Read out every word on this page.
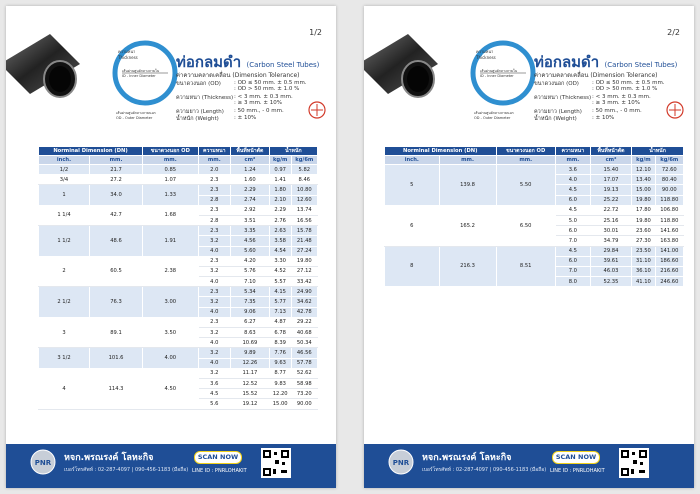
1/2
ความหนา
Thickness
เส้นผ่านศูนย์กลางภายใน
ID - Inner Diameter
เส้นผ่านศูนย์กลางภายนอก
OD - Outer Diameter
ท่อกลมดำ (Carbon Steel Tubes)
ค่าความคลาดเคลื่อน (Dimension Tolerance)
ขนาดวงนอก (OD) : OD ≤ 50 mm. ± 0.5 mm.
: OD > 50 mm. ± 1.0 %
ความหนา (Thickness): < 3 mm. ± 0.3 mm.
: ≥ 3 mm. ± 10%
ความยาว (Length) : 50 mm., - 0 mm.
น้ำหนัก (Weight)	: ± 10%
Norminal Dimension (DN)		ขนาดวงนอก OD	ความหนา	พื้นที่หน้าตัด	น้ำหนัก	
inch.	mm.	mm.	mm.	cm²	kg/m	kg/6m
1/2	21.7	0.85	2.0	1.24	0.97	5.82
3/4	27.2	1.07	2.3	1.60	1.41	8.46
1	34.0	1.33	2.3	2.29	1.80	10.80
			2.8	2.74	2.10	12.60
1 1/4	42.7	1.68	2.3	2.92	2.29	13.74
			2.8	3.51	2.76	16.56
1 1/2	48.6	1.91	2.3	3.35	2.63	15.78
			3.2	4.56	3.58	21.48
			4.0	5.60	4.54	27.24
2	60.5	2.38	2.3	4.20	3.30	19.80
			3.2	5.76	4.52	27.12
			4.0	7.10	5.57	33.42
2 1/2	76.3	3.00	2.3	5.34	4.15	24.90
			3.2	7.35	5.77	34.62
			4.0	9.06	7.13	42.78
3	89.1	3.50	2.3	6.27	4.87	29.22
			3.2	8.63	6.78	40.68
			4.0	10.69	8.39	50.34
3 1/2	101.6	4.00	3.2	9.89	7.76	46.56
			4.0	12.26	9.63	57.78
4	114.3	4.50	3.2	11.17	8.77	52.62
			3.6	12.52	9.83	58.98
			4.5	15.52	12.20	73.20
			5.6	19.12	15.00	90.00
PNR หจก.พรณรงค์ โลหะกิจ
เบอร์โทรศัพท์ : 02-287-4097 | 090-456-1183 (มือถือ)
SCAN NOW
LINE ID : PNRLOHAKIT
2/2
ความหนา
Thickness
เส้นผ่านศูนย์กลางภายใน
ID - Inner Diameter
เส้นผ่านศูนย์กลางภายนอก
OD - Outer Diameter
ท่อกลมดำ (Carbon Steel Tubes)
ค่าความคลาดเคลื่อน (Dimension Tolerance)
ขนาดวงนอก (OD) : OD ≤ 50 mm. ± 0.5 mm.
: OD > 50 mm. ± 1.0 %
ความหนา (Thickness): < 3 mm. ± 0.3 mm.
: ≥ 3 mm. ± 10%
ความยาว (Length) : 50 mm., - 0 mm.
น้ำหนัก (Weight)	: ± 10%
Norminal Dimension (DN)		ขนาดวงนอก OD	ความหนา	พื้นที่หน้าตัด	น้ำหนัก	
inch.	mm.	mm.	mm.	cm²	kg/m	kg/6m
5	139.8	5.50	3.6	15.40	12.10	72.60
			4.0	17.07	13.40	80.40
			4.5	19.13	15.00	90.00
			6.0	25.22	19.80	118.80
6	165.2	6.50	4.5	22.72	17.80	106.80
			5.0	25.16	19.80	118.80
			6.0	30.01	23.60	141.60
			7.0	34.79	27.30	163.80
8	216.3	8.51	4.5	29.84	23.50	141.00
			6.0	39.61	31.10	186.60
			7.0	46.03	36.10	216.60
			8.0	52.35	41.10	246.60
PNR หจก.พรณรงค์ โลหะกิจ
เบอร์โทรศัพท์ : 02-287-4097 | 090-456-1183 (มือถือ)
SCAN NOW
LINE ID : PNRLOHAKIT
